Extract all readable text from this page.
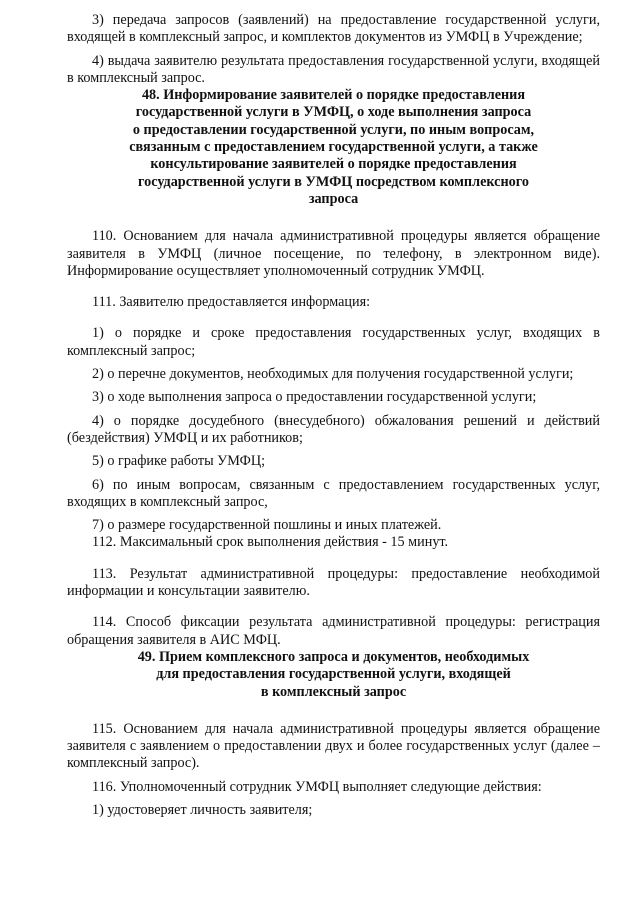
3) передача запросов (заявлений) на предоставление государственной услуги, входящей в комплексный запрос, и комплектов документов из УМФЦ в Учреждение;

4) выдача заявителю результата предоставления государственной услуги, входящей в комплексный запрос.

48. Информирование заявителей о порядке предоставления
государственной услуги в УМФЦ, о ходе выполнения запроса
о предоставлении государственной услуги, по иным вопросам,
связанным с предоставлением государственной услуги, а также
консультирование заявителей о порядке предоставления
государственной услуги в УМФЦ посредством комплексного
запроса

110. Основанием для начала административной процедуры является обращение заявителя в УМФЦ (личное посещение, по телефону, в электронном виде). Информирование осуществляет уполномоченный сотрудник УМФЦ.

111. Заявителю предоставляется информация:

1) о порядке и сроке предоставления государственных услуг, входящих в комплексный запрос;

2) о перечне документов, необходимых для получения государственной услуги;

3) о ходе выполнения запроса о предоставлении государственной услуги;

4) о порядке досудебного (внесудебного) обжалования решений и действий (бездействия) УМФЦ и их работников;

5) о графике работы УМФЦ;

6) по иным вопросам, связанным с предоставлением государственных услуг, входящих в комплексный запрос,

7) о размере государственной пошлины и иных платежей.

112. Максимальный срок выполнения действия - 15 минут.

113. Результат административной процедуры: предоставление необходимой информации и консультации заявителю.

114. Способ фиксации результата административной процедуры: регистрация обращения заявителя в АИС МФЦ.

49. Прием комплексного запроса и документов, необходимых
для предоставления государственной услуги, входящей
в комплексный запрос

115. Основанием для начала административной процедуры является обращение заявителя с заявлением о предоставлении двух и более государственных услуг (далее – комплексный запрос).

116. Уполномоченный сотрудник УМФЦ выполняет следующие действия:

1) удостоверяет личность заявителя;
